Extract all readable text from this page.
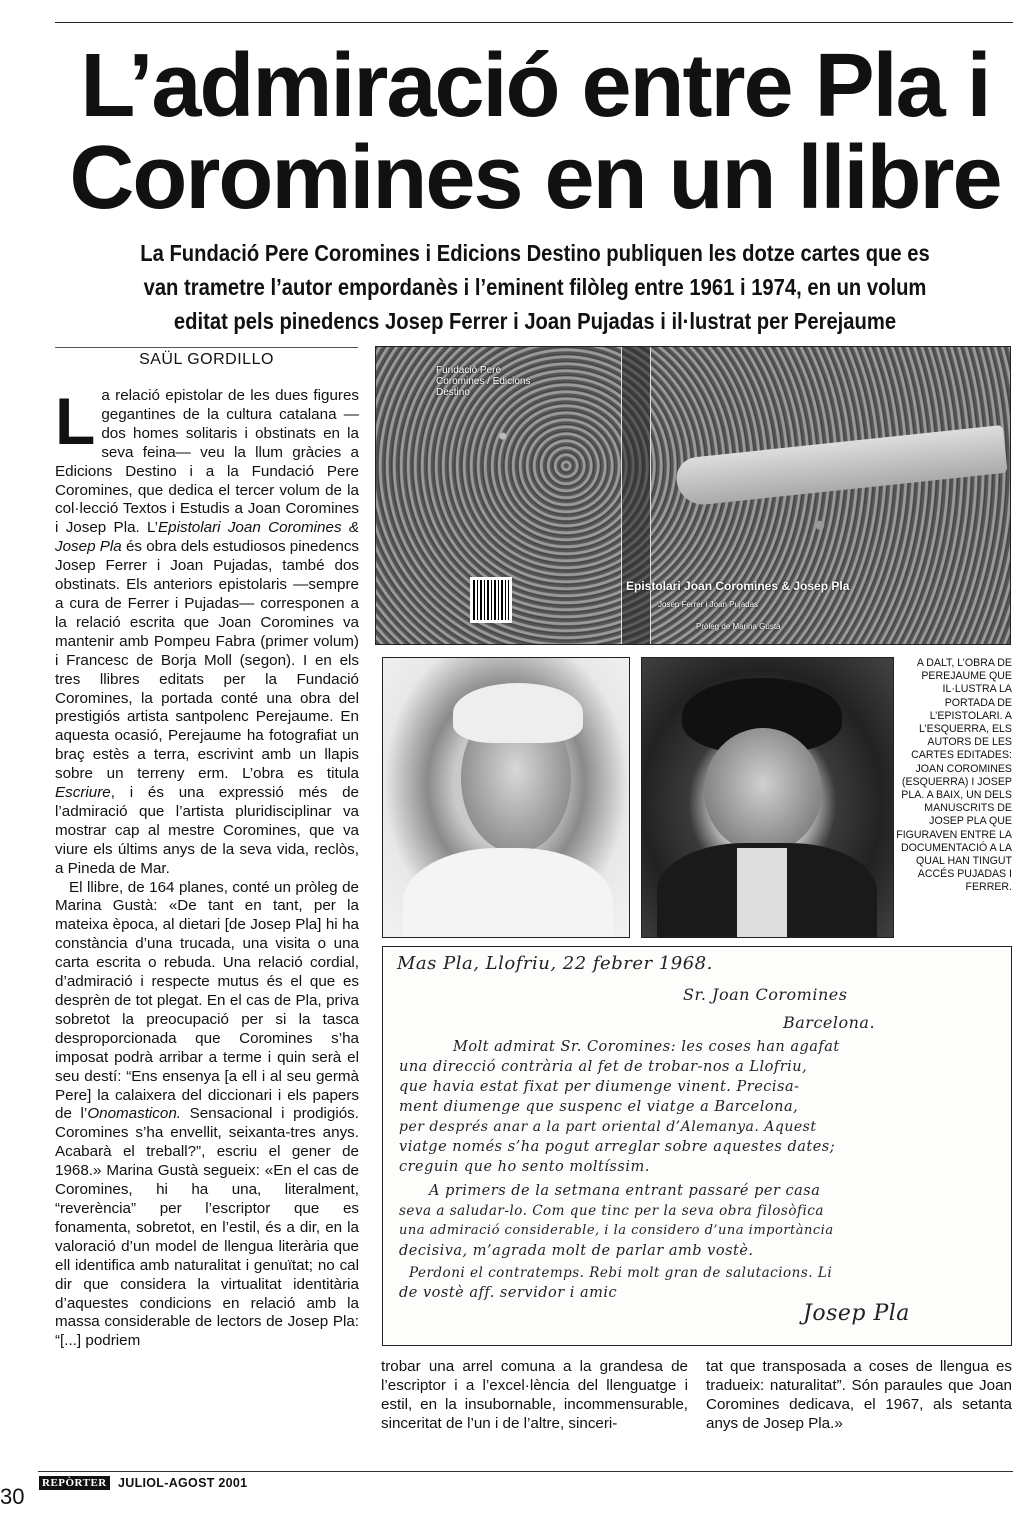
L’admiració entre Pla i Coromines en un llibre
La Fundació Pere Coromines i Edicions Destino publiquen les dotze cartes que es van trametre l’autor empordanès i l’eminent filòleg entre 1961 i 1974, en un volum editat pels pinedencs Josep Ferrer i Joan Pujadas i il·lustrat per Perejaume
SAÜL GORDILLO

La relació epistolar de les dues figures gegantines de la cultura catalana —dos homes solitaris i obstinats en la seva feina— veu la llum gràcies a Edicions Destino i a la Fundació Pere Coromines, que dedica el tercer volum de la col·lecció Textos i Estudis a Joan Coromines i Josep Pla. L’Epistolari Joan Coromines & Josep Pla és obra dels estudiosos pinedencs Josep Ferrer i Joan Pujadas, també dos obstinats. Els anteriors epistolaris —sempre a cura de Ferrer i Pujadas— corresponen a la relació escrita que Joan Coromines va mantenir amb Pompeu Fabra (primer volum) i Francesc de Borja Moll (segon). I en els tres llibres editats per la Fundació Coromines, la portada conté una obra del prestigiós artista santpolenc Perejaume. En aquesta ocasió, Perejaume ha fotografiat un braç estès a terra, escrivint amb un llapis sobre un terreny erm. L’obra es titula Escriure, i és una expressió més de l’admiració que l’artista pluridisciplinar va mostrar cap al mestre Coromines, que va viure els últims anys de la seva vida, reclòs, a Pineda de Mar.

El llibre, de 164 planes, conté un pròleg de Marina Gustà: «De tant en tant, per la mateixa època, al dietari [de Josep Pla] hi ha constància d’una trucada, una visita o una carta escrita o rebuda. Una relació cordial, d’admiració i respecte mutus és el que es desprèn de tot plegat. En el cas de Pla, priva sobretot la preocupació per si la tasca desproporcionada que Coromines s’ha imposat podrà arribar a terme i quin serà el seu destí: “Ens ensenya [a ell i al seu germà Pere] la calaixera del diccionari i els papers de l’Onomasticon. Sensacional i prodigiós. Coromines s’ha envellit, seixanta-tres anys. Acabarà el treball?”, escriu el gener de 1968.» Marina Gustà segueix: «En el cas de Coromines, hi ha una, literalment, “reverència” per l’escriptor que es fonamenta, sobretot, en l’estil, és a dir, en la valoració d’un model de llengua literària que ell identifica amb naturalitat i genuïtat; no cal dir que considera la virtualitat identitària d’aquestes condicions en relació amb la massa considerable de lectors de Josep Pla: “[...] podriem

trobar una arrel comuna a la grandesa de l’escriptor i a l’excel·lència del llenguatge i estil, en la insubornable, incommensurable, sinceritat de l’un i de l’altre, sinceri-

tat que transposada a coses de llengua es tradueix: naturalitat”. Són paraules que Joan Coromines dedicava, el 1967, als setanta anys de Josep Pla.»

Fundació Pere Coromines / Edicions Destino
Epistolari Joan Coromines & Josep Pla
Josep Ferrer i Joan Pujadas
Pròleg de Marina Gustà
A DALT, L’OBRA DE PEREJAUME QUE IL·LUSTRA LA PORTADA DE L’EPISTOLARI. A L’ESQUERRA, ELS AUTORS DE LES CARTES EDITADES: JOAN COROMINES (ESQUERRA) I JOSEP PLA. A BAIX, UN DELS MANUSCRITS DE JOSEP PLA QUE FIGURAVEN ENTRE LA DOCUMENTACIÓ A LA QUAL HAN TINGUT ACCÉS PUJADAS I FERRER.
Mas Pla, Llofriu, 22 febrer 1968.
Sr. Joan Coromines
Barcelona.
Molt admirat Sr. Coromines: les coses han agafat
una direcció contrària al fet de trobar-nos a Llofriu,
que havia estat fixat per diumenge vinent. Precisa-
ment diumenge que suspenc el viatge a Barcelona,
per després anar a la part oriental d’Alemanya. Aquest
viatge només s’ha pogut arreglar sobre aquestes dates;
creguin que ho sento moltíssim.
A primers de la setmana entrant passaré per casa
seva a saludar-lo. Com que tinc per la seva obra filosòfica
una admiració considerable, i la considero d’una importància
decisiva, m’agrada molt de parlar amb vostè.
Perdoni el contratemps. Rebi molt gran de salutacions. Li
de vostè aff. servidor i amic
Josep Pla
30
REPÒRTER JULIOL-AGOST 2001
